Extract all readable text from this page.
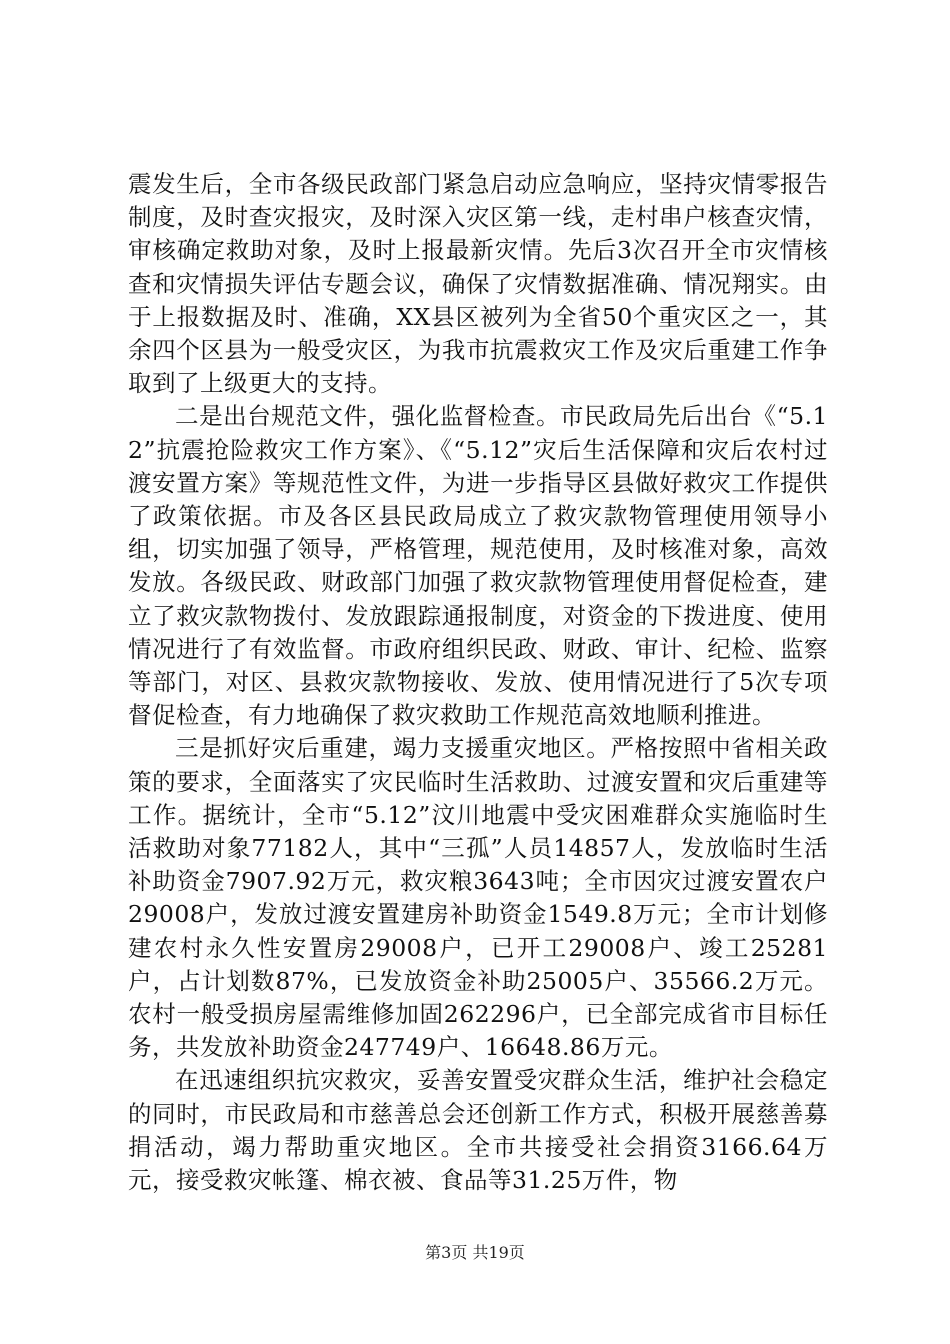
震发生后，全市各级民政部门紧急启动应急响应，坚持灾情零报告制度，及时查灾报灾，及时深入灾区第一线，走村串户核查灾情，审核确定救助对象，及时上报最新灾情。先后3次召开全市灾情核查和灾情损失评估专题会议，确保了灾情数据准确、情况翔实。由于上报数据及时、准确，XX县区被列为全省50个重灾区之一，其余四个区县为一般受灾区，为我市抗震救灾工作及灾后重建工作争取到了上级更大的支持。

二是出台规范文件，强化监督检查。市民政局先后出台《“5.12”抗震抢险救灾工作方案》、《“5.12”灾后生活保障和灾后农村过渡安置方案》等规范性文件，为进一步指导区县做好救灾工作提供了政策依据。市及各区县民政局成立了救灾款物管理使用领导小组，切实加强了领导，严格管理，规范使用，及时核准对象，高效发放。各级民政、财政部门加强了救灾款物管理使用督促检查，建立了救灾款物拨付、发放跟踪通报制度，对资金的下拨进度、使用情况进行了有效监督。市政府组织民政、财政、审计、纪检、监察等部门，对区、县救灾款物接收、发放、使用情况进行了5次专项督促检查，有力地确保了救灾救助工作规范高效地顺利推进。

三是抓好灾后重建，竭力支援重灾地区。严格按照中省相关政策的要求，全面落实了灾民临时生活救助、过渡安置和灾后重建等工作。据统计，全市“5.12”汶川地震中受灾困难群众实施临时生活救助对象77182人，其中“三孤”人员14857人，发放临时生活补助资金7907.92万元，救灾粮3643吨；全市因灾过渡安置农户29008户，发放过渡安置建房补助资金1549.8万元；全市计划修建农村永久性安置房29008户，已开工29008户、竣工25281户，占计划数87%，已发放资金补助25005户、35566.2万元。农村一般受损房屋需维修加固262296户，已全部完成省市目标任务，共发放补助资金247749户、16648.86万元。

在迅速组织抗灾救灾，妥善安置受灾群众生活，维护社会稳定的同时，市民政局和市慈善总会还创新工作方式，积极开展慈善募捐活动，竭力帮助重灾地区。全市共接受社会捐资3166.64万元，接受救灾帐篷、棉衣被、食品等31.25万件，物

第3页 共19页
